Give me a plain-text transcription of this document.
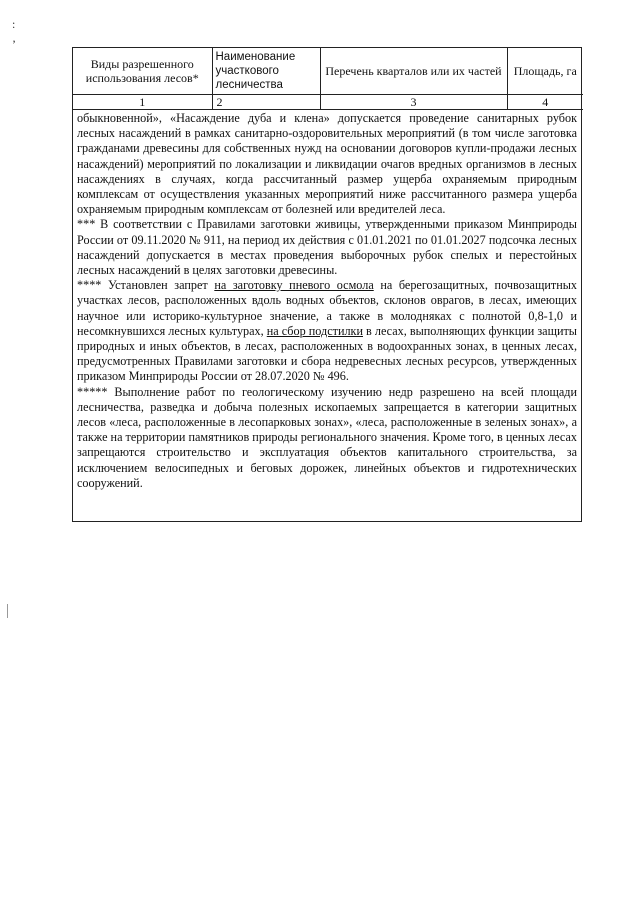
:
’
Виды разрешенного использования лесов*	Наименование участкового лесничества	Перечень кварталов или их частей	Площадь, га
1	2	3	4

обыкновенной», «Насаждение дуба и клена» допускается проведение санитарных рубок лесных насаждений в рамках санитарно-оздоровительных мероприятий (в том числе заготовка гражданами древесины для собственных нужд на основании договоров купли-продажи лесных насаждений) мероприятий по локализации и ликвидации очагов вредных организмов в лесных насаждениях в случаях, когда рассчитанный размер ущерба охраняемым природным комплексам от осуществления указанных мероприятий ниже рассчитанного размера ущерба охраняемым природным комплексам от болезней или вредителей леса.

*** В соответствии с Правилами заготовки живицы, утвержденными приказом Минприроды России от 09.11.2020 № 911, на период их действия с 01.01.2021 по 01.01.2027 подсочка лесных насаждений допускается в местах проведения выборочных рубок спелых и перестойных лесных насаждений в целях заготовки древесины.

**** Установлен запрет на заготовку пневого осмола на берегозащитных, почвозащитных участках лесов, расположенных вдоль водных объектов, склонов оврагов, в лесах, имеющих научное или историко-культурное значение, а также в молодняках с полнотой 0,8-1,0 и несомкнувшихся лесных культурах, на сбор подстилки в лесах, выполняющих функции защиты природных и иных объектов, в лесах, расположенных в водоохранных зонах, в ценных лесах, предусмотренных Правилами заготовки и сбора недревесных лесных ресурсов, утвержденных приказом Минприроды России от 28.07.2020 № 496.

***** Выполнение работ по геологическому изучению недр разрешено на всей площади лесничества, разведка и добыча полезных ископаемых запрещается в категории защитных лесов «леса, расположенные в лесопарковых зонах», «леса, расположенные в зеленых зонах», а также на территории памятников природы регионального значения. Кроме того, в ценных лесах запрещаются строительство и эксплуатация объектов капитального строительства, за исключением велосипедных и беговых дорожек, линейных объектов и гидротехнических сооружений.
